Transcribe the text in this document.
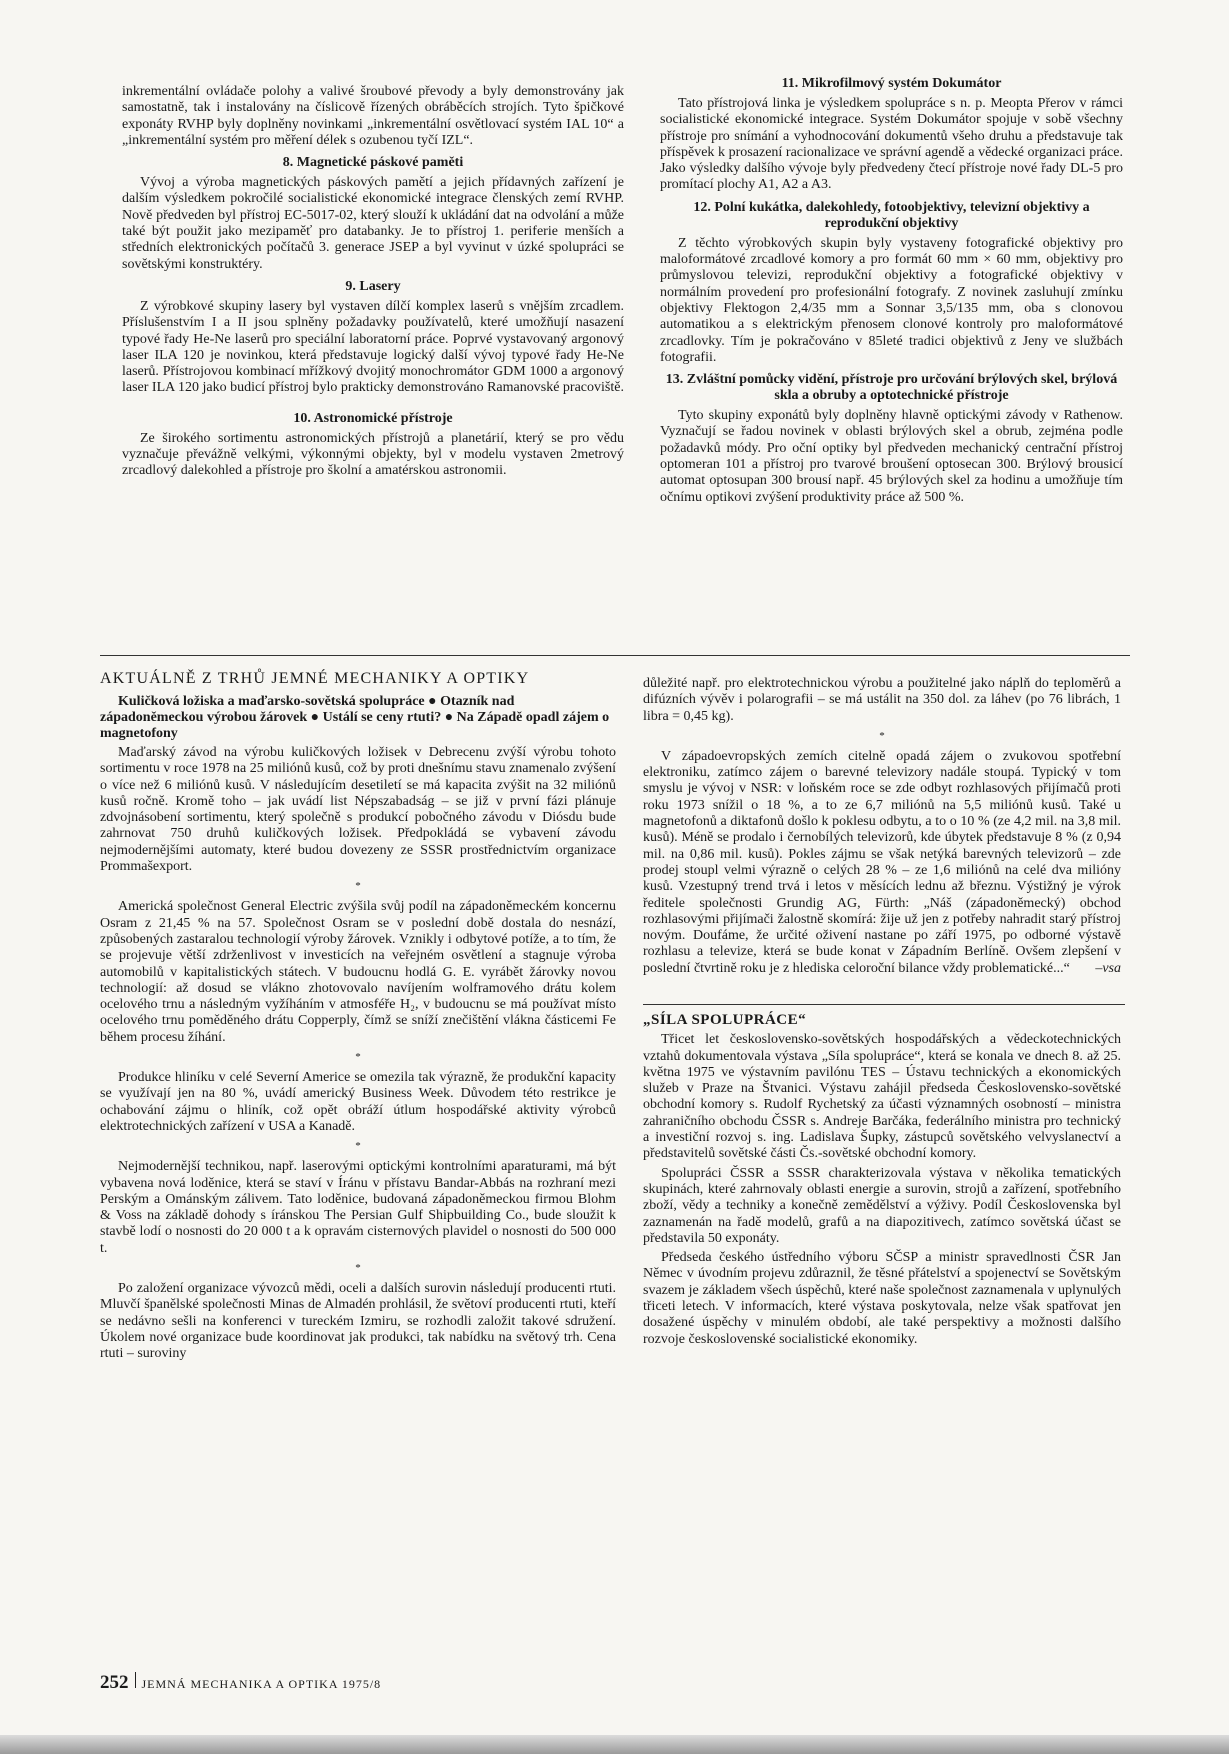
inkrementální ovládače polohy a valivé šroubové převody a byly demonstrovány jak samostatně, tak i instalovány na číslicově řízených obráběcích strojích. Tyto špičkové exponáty RVHP byly doplněny novinkami „inkrementální osvětlovací systém IAL 10“ a „inkrementální systém pro měření délek s ozubenou tyčí IZL“.

8. Magnetické páskové paměti

Vývoj a výroba magnetických páskových pamětí a jejich přídavných zařízení je dalším výsledkem pokročilé socialistické ekonomické integrace členských zemí RVHP. Nově předveden byl přístroj EC-5017-02, který slouží k ukládání dat na odvolání a může také být použit jako mezipaměť pro databanky. Je to přístroj 1. periferie menších a středních elektronických počítačů 3. generace JSEP a byl vyvinut v úzké spolupráci se sovětskými konstruktéry.

9. Lasery

Z výrobkové skupiny lasery byl vystaven dílčí komplex laserů s vnějším zrcadlem. Příslušenstvím I a II jsou splněny požadavky používatelů, které umožňují nasazení typové řady He-Ne laserů pro speciální laboratorní práce. Poprvé vystavovaný argonový laser ILA 120 je novinkou, která představuje logický další vývoj typové řady He-Ne laserů. Přístrojovou kombinací mřížkový dvojitý monochromátor GDM 1000 a argonový laser ILA 120 jako budicí přístroj bylo prakticky demonstrováno Ramanovské pracoviště.

10. Astronomické přístroje

Ze širokého sortimentu astronomických přístrojů a planetárií, který se pro vědu vyznačuje převážně velkými, výkonnými objekty, byl v modelu vystaven 2metrový zrcadlový dalekohled a přístroje pro školní a amatérskou astronomii.

11. Mikrofilmový systém Dokumátor

Tato přístrojová linka je výsledkem spolupráce s n. p. Meopta Přerov v rámci socialistické ekonomické integrace. Systém Dokumátor spojuje v sobě všechny přístroje pro snímání a vyhodnocování dokumentů všeho druhu a představuje tak příspěvek k prosazení racionalizace ve správní agendě a vědecké organizaci práce. Jako výsledky dalšího vývoje byly předvedeny čtecí přístroje nové řady DL-5 pro promítací plochy A1, A2 a A3.

12. Polní kukátka, dalekohledy, fotoobjektivy, televizní objektivy a reprodukční objektivy

Z těchto výrobkových skupin byly vystaveny fotografické objektivy pro maloformátové zrcadlové komory a pro formát 60 mm × 60 mm, objektivy pro průmyslovou televizi, reprodukční objektivy a fotografické objektivy v normálním provedení pro profesionální fotografy. Z novinek zasluhují zmínku objektivy Flektogon 2,4/35 mm a Sonnar 3,5/135 mm, oba s clonovou automatikou a s elektrickým přenosem clonové kontroly pro maloformátové zrcadlovky. Tím je pokračováno v 85leté tradici objektivů z Jeny ve službách fotografii.

13. Zvláštní pomůcky vidění, přístroje pro určování brýlových skel, brýlová skla a obruby a optotechnické přístroje

Tyto skupiny exponátů byly doplněny hlavně optickými závody v Rathenow. Vyznačují se řadou novinek v oblasti brýlových skel a obrub, zejména podle požadavků módy. Pro oční optiky byl předveden mechanický centrační přístroj optomeran 101 a přístroj pro tvarové broušení optosecan 300. Brýlový brousicí automat optosupan 300 brousí např. 45 brýlových skel za hodinu a umožňuje tím očnímu optikovi zvýšení produktivity práce až 500 %.

AKTUÁLNĚ Z TRHŮ JEMNÉ MECHANIKY A OPTIKY

Kuličková ložiska a maďarsko-sovětská spolupráce ● Otazník nad západoněmeckou výrobou žárovek ● Ustálí se ceny rtuti? ● Na Západě opadl zájem o magnetofony

Maďarský závod na výrobu kuličkových ložisek v Debrecenu zvýší výrobu tohoto sortimentu v roce 1978 na 25 miliónů kusů, což by proti dnešnímu stavu znamenalo zvýšení o více než 6 miliónů kusů. V následujícím desetiletí se má kapacita zvýšit na 32 miliónů kusů ročně. Kromě toho – jak uvádí list Népszabadság – se již v první fázi plánuje zdvojnásobení sortimentu, který společně s produkcí pobočného závodu v Diósdu bude zahrnovat 750 druhů kuličkových ložisek. Předpokládá se vybavení závodu nejmodernějšími automaty, které budou dovezeny ze SSSR prostřednictvím organizace Prommašexport.

*

Americká společnost General Electric zvýšila svůj podíl na západoněmeckém koncernu Osram z 21,45 % na 57. Společnost Osram se v poslední době dostala do nesnází, způsobených zastaralou technologií výroby žárovek. Vznikly i odbytové potíže, a to tím, že se projevuje větší zdrženlivost v investicích na veřejném osvětlení a stagnuje výroba automobilů v kapitalistických státech. V budoucnu hodlá G. E. vyrábět žárovky novou technologií: až dosud se vlákno zhotovovalo navíjením wolframového drátu kolem ocelového trnu a následným vyžíháním v atmosféře H₂, v budoucnu se má používat místo ocelového trnu poměděného drátu Copperply, čímž se sníží znečištění vlákna částicemi Fe během procesu žíhání.

*

Produkce hliníku v celé Severní Americe se omezila tak výrazně, že produkční kapacity se využívají jen na 80 %, uvádí americký Business Week. Důvodem této restrikce je ochabování zájmu o hliník, což opět obráží útlum hospodářské aktivity výrobců elektrotechnických zařízení v USA a Kanadě.

*

Nejmodernější technikou, např. laserovými optickými kontrolními aparaturami, má být vybavena nová loděnice, která se staví v Íránu v přístavu Bandar-Abbás na rozhraní mezi Perským a Ománským zálivem. Tato loděnice, budovaná západoněmeckou firmou Blohm & Voss na základě dohody s íránskou The Persian Gulf Shipbuilding Co., bude sloužit k stavbě lodí o nosnosti do 20 000 t a k opravám cisternových plavidel o nosnosti do 500 000 t.

*

Po založení organizace vývozců mědi, oceli a dalších surovin následují producenti rtuti. Mluvčí španělské společnosti Minas de Almadén prohlásil, že světoví producenti rtuti, kteří se nedávno sešli na konferenci v tureckém Izmiru, se rozhodli založit takové sdružení. Úkolem nové organizace bude koordinovat jak produkci, tak nabídku na světový trh. Cena rtuti – suroviny

důležité např. pro elektrotechnickou výrobu a použitelné jako náplň do teploměrů a difúzních vývěv i polarografii – se má ustálit na 350 dol. za láhev (po 76 librách, 1 libra = 0,45 kg).

*

V západoevropských zemích citelně opadá zájem o zvukovou spotřební elektroniku, zatímco zájem o barevné televizory nadále stoupá. Typický v tom smyslu je vývoj v NSR: v loňském roce se zde odbyt rozhlasových přijímačů proti roku 1973 snížil o 18 %, a to ze 6,7 miliónů na 5,5 miliónů kusů. Také u magnetofonů a diktafonů došlo k poklesu odbytu, a to o 10 % (ze 4,2 mil. na 3,8 mil. kusů). Méně se prodalo i černobílých televizorů, kde úbytek představuje 8 % (z 0,94 mil. na 0,86 mil. kusů). Pokles zájmu se však netýká barevných televizorů – zde prodej stoupl velmi výrazně o celých 28 % – ze 1,6 miliónů na celé dva milióny kusů. Vzestupný trend trvá i letos v měsících lednu až březnu. Výstižný je výrok ředitele společnosti Grundig AG, Fürth: „Náš (západoněmecký) obchod rozhlasovými přijímači žalostně skomírá: žije už jen z potřeby nahradit starý přístroj novým. Doufáme, že určité oživení nastane po září 1975, po odborné výstavě rozhlasu a televize, která se bude konat v Západním Berlíně. Ovšem zlepšení v poslední čtvrtině roku je z hlediska celoroční bilance vždy problematické...“	–vsa

„SÍLA SPOLUPRÁCE“

Třicet let československo-sovětských hospodářských a vědeckotechnických vztahů dokumentovala výstava „Síla spolupráce“, která se konala ve dnech 8. až 25. května 1975 ve výstavním pavilónu TES – Ústavu technických a ekonomických služeb v Praze na Štvanici. Výstavu zahájil předseda Československo-sovětské obchodní komory s. Rudolf Rychetský za účasti významných osobností – ministra zahraničního obchodu ČSSR s. Andreje Barčáka, federálního ministra pro technický a investiční rozvoj s. ing. Ladislava Šupky, zástupců sovětského velvyslanectví a představitelů sovětské části Čs.-sovětské obchodní komory.

Spolupráci ČSSR a SSSR charakterizovala výstava v několika tematických skupinách, které zahrnovaly oblasti energie a surovin, strojů a zařízení, spotřebního zboží, vědy a techniky a konečně zemědělství a výživy. Podíl Československa byl zaznamenán na řadě modelů, grafů a na diapozitivech, zatímco sovětská účast se představila 50 exponáty.

Předseda českého ústředního výboru SČSP a ministr spravedlnosti ČSR Jan Němec v úvodním projevu zdůraznil, že těsné přátelství a spojenectví se Sovětským svazem je základem všech úspěchů, které naše společnost zaznamenala v uplynulých třiceti letech. V informacích, které výstava poskytovala, nelze však spatřovat jen dosažené úspěchy v minulém období, ale také perspektivy a možnosti dalšího rozvoje československé socialistické ekonomiky.

252 JEMNÁ MECHANIKA A OPTIKA 1975/8
